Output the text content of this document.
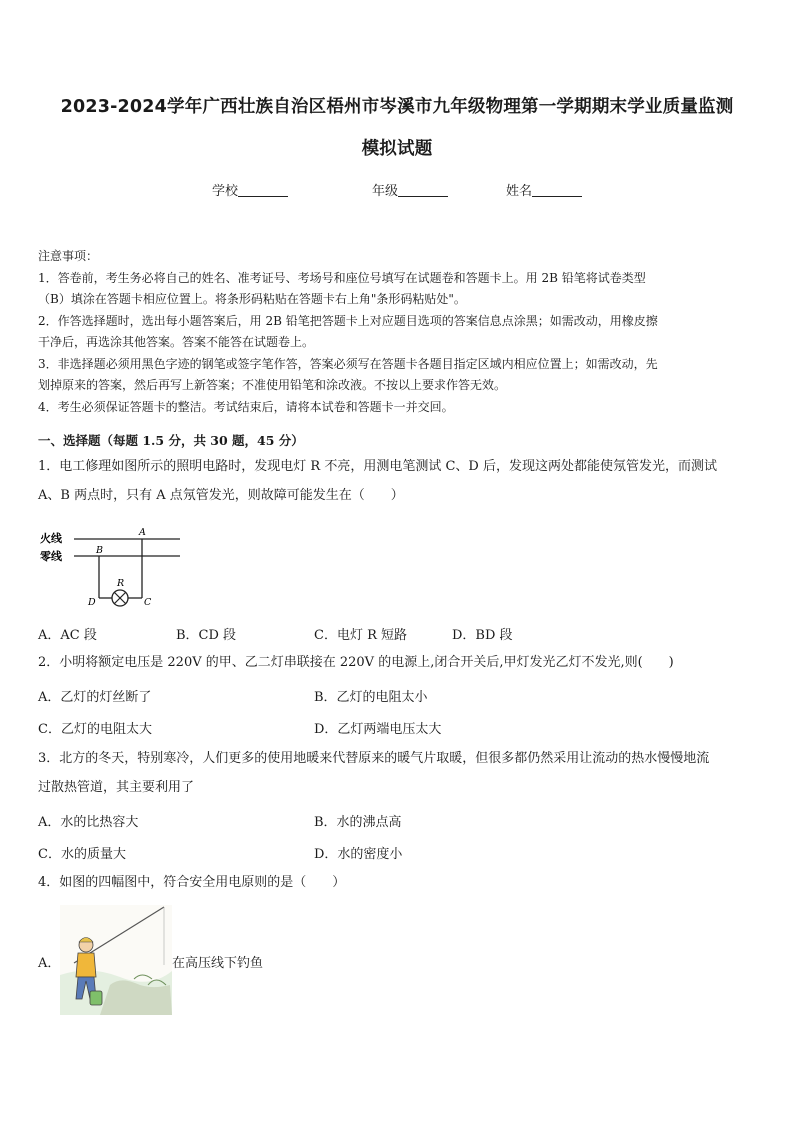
2023-2024学年广西壮族自治区梧州市岑溪市九年级物理第一学期期末学业质量监测
模拟试题
学校	年级	姓名

注意事项：

1．答卷前，考生务必将自己的姓名、准考证号、考场号和座位号填写在试题卷和答题卡上。用 2B 铅笔将试卷类型

（B）填涂在答题卡相应位置上。将条形码粘贴在答题卡右上角"条形码粘贴处"。

2．作答选择题时，选出每小题答案后，用 2B 铅笔把答题卡上对应题目选项的答案信息点涂黑；如需改动，用橡皮擦

干净后，再选涂其他答案。答案不能答在试题卷上。

3．非选择题必须用黑色字迹的钢笔或签字笔作答，答案必须写在答题卡各题目指定区域内相应位置上；如需改动，先

划掉原来的答案，然后再写上新答案；不准使用铅笔和涂改液。不按以上要求作答无效。

4．考生必须保证答题卡的整洁。考试结束后，请将本试卷和答题卡一并交回。

一、选择题（每题 1.5 分，共 30 题，45 分）

1．电工修理如图所示的照明电路时，发现电灯 R 不亮，用测电笔测试 C、D 后，发现这两处都能使氖管发光，而测试

A、B 两点时，只有 A 点氖管发光，则故障可能发生在（　　）

火线
零线
A
B
R
D	C
A．AC 段	B．CD 段	C．电灯 R 短路	D．BD 段

2．小明将额定电压是 220V 的甲、乙二灯串联接在 220V 的电源上,闭合开关后,甲灯发光乙灯不发光,则(　　)

A．乙灯的灯丝断了	B．乙灯的电阻太小
C．乙灯的电阻太大	D．乙灯两端电压太大

3．北方的冬天，特别寒冷，人们更多的使用地暖来代替原来的暖气片取暖，但很多都仍然采用让流动的热水慢慢地流

过散热管道，其主要利用了

A．水的比热容大	B．水的沸点高
C．水的质量大	D．水的密度小

4．如图的四幅图中，符合安全用电原则的是（　　）

A．	在高压线下钓鱼
